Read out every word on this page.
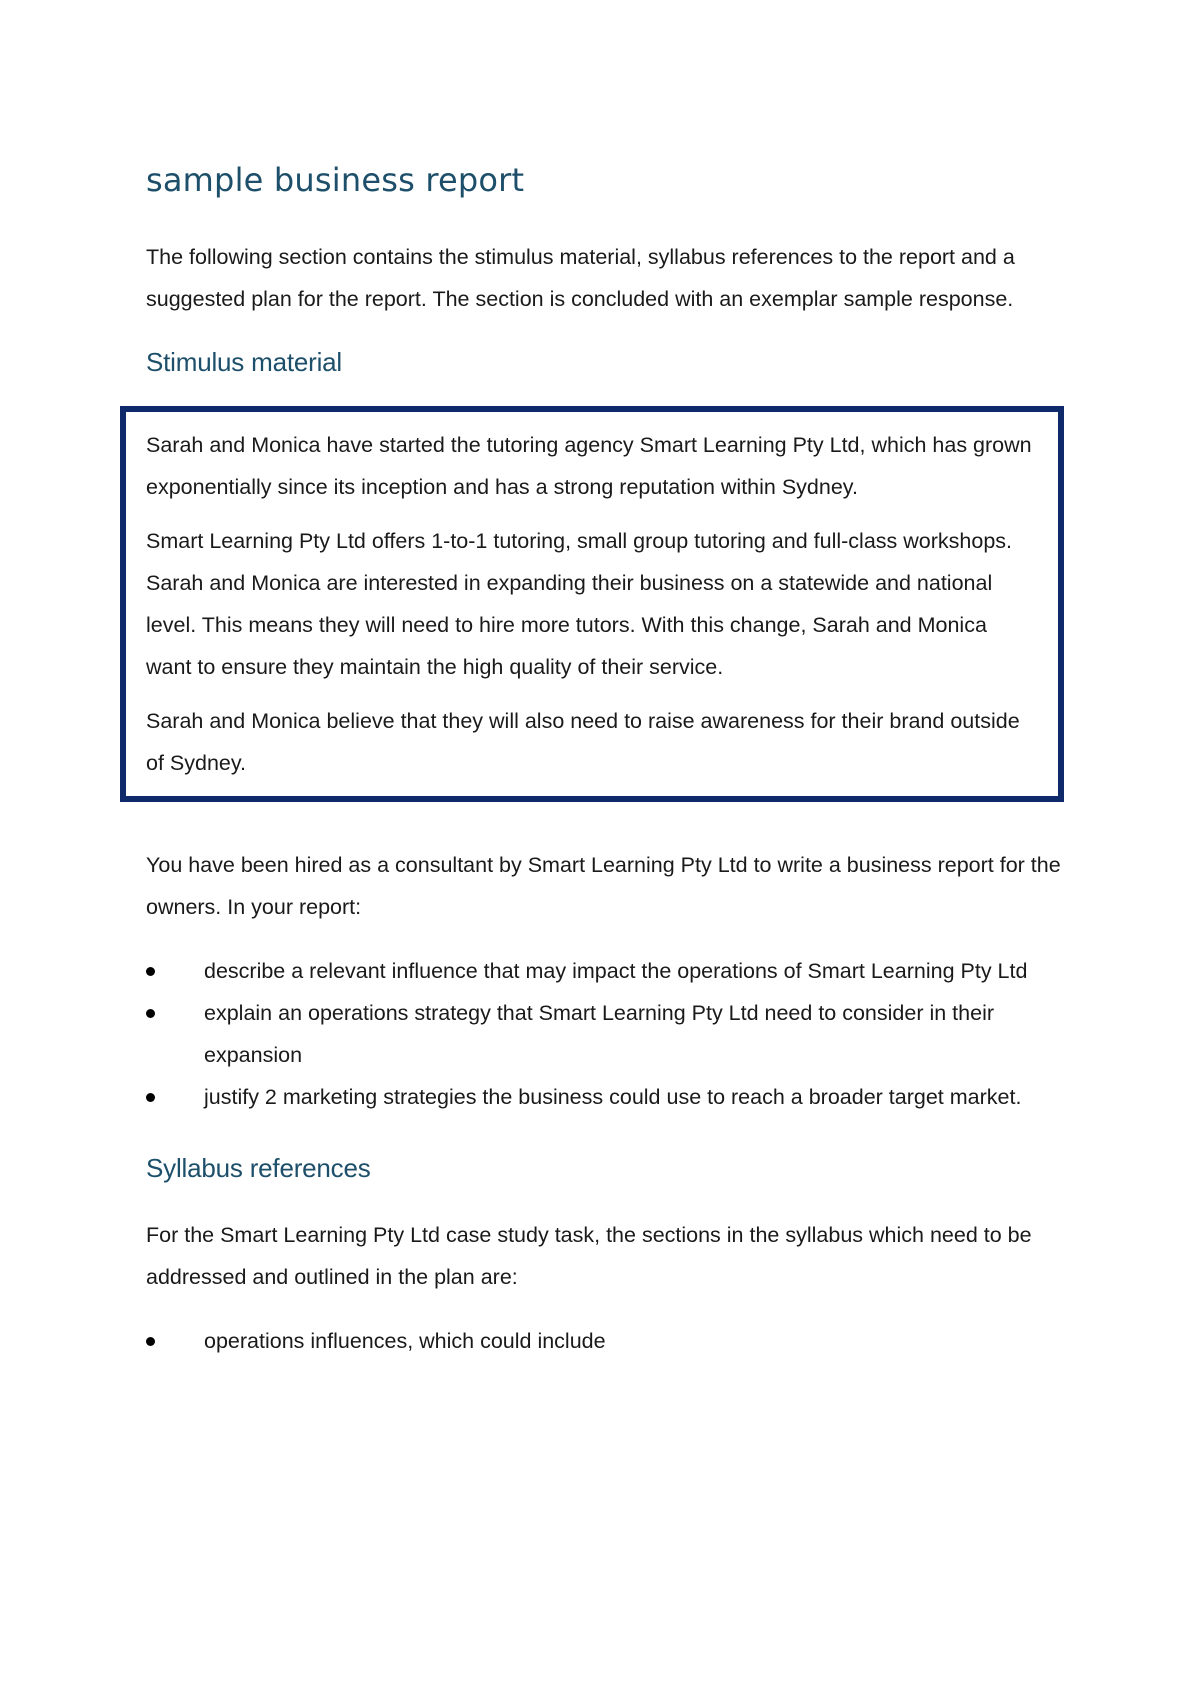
sample business report

The following section contains the stimulus material, syllabus references to the report and a suggested plan for the report. The section is concluded with an exemplar sample response.

Stimulus material

Sarah and Monica have started the tutoring agency Smart Learning Pty Ltd, which has grown exponentially since its inception and has a strong reputation within Sydney.

Smart Learning Pty Ltd offers 1-to-1 tutoring, small group tutoring and full-class workshops. Sarah and Monica are interested in expanding their business on a statewide and national level. This means they will need to hire more tutors. With this change, Sarah and Monica want to ensure they maintain the high quality of their service.

Sarah and Monica believe that they will also need to raise awareness for their brand outside of Sydney.

You have been hired as a consultant by Smart Learning Pty Ltd to write a business report for the owners. In your report:

describe a relevant influence that may impact the operations of Smart Learning Pty Ltd
explain an operations strategy that Smart Learning Pty Ltd need to consider in their expansion
justify 2 marketing strategies the business could use to reach a broader target market.
Syllabus references

For the Smart Learning Pty Ltd case study task, the sections in the syllabus which need to be addressed and outlined in the plan are:

operations influences, which could include
